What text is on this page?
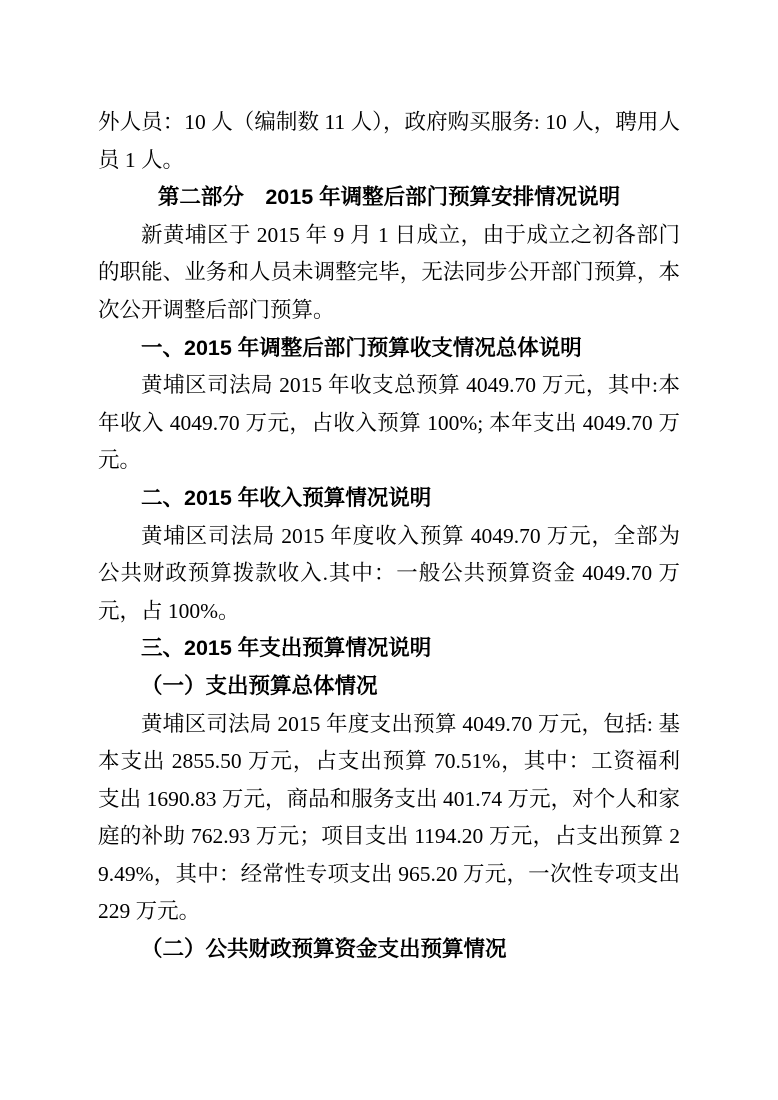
外人员：10 人（编制数 11 人），政府购买服务: 10 人，聘用人员 1 人。

第二部分　2015 年调整后部门预算安排情况说明

新黄埔区于 2015 年 9 月 1 日成立，由于成立之初各部门的职能、业务和人员未调整完毕，无法同步公开部门预算，本次公开调整后部门预算。

一、2015 年调整后部门预算收支情况总体说明

黄埔区司法局 2015 年收支总预算 4049.70 万元，其中:本年收入 4049.70 万元，占收入预算 100%; 本年支出 4049.70 万元。

二、2015 年收入预算情况说明

黄埔区司法局 2015 年度收入预算 4049.70 万元，全部为公共财政预算拨款收入.其中：一般公共预算资金 4049.70 万元，占 100%。

三、2015 年支出预算情况说明

（一）支出预算总体情况

黄埔区司法局 2015 年度支出预算 4049.70 万元，包括: 基本支出 2855.50 万元，占支出预算 70.51%，其中：工资福利支出 1690.83 万元，商品和服务支出 401.74 万元，对个人和家庭的补助 762.93 万元；项目支出 1194.20 万元，占支出预算 29.49%，其中：经常性专项支出 965.20 万元，一次性专项支出 229 万元。

（二）公共财政预算资金支出预算情况
